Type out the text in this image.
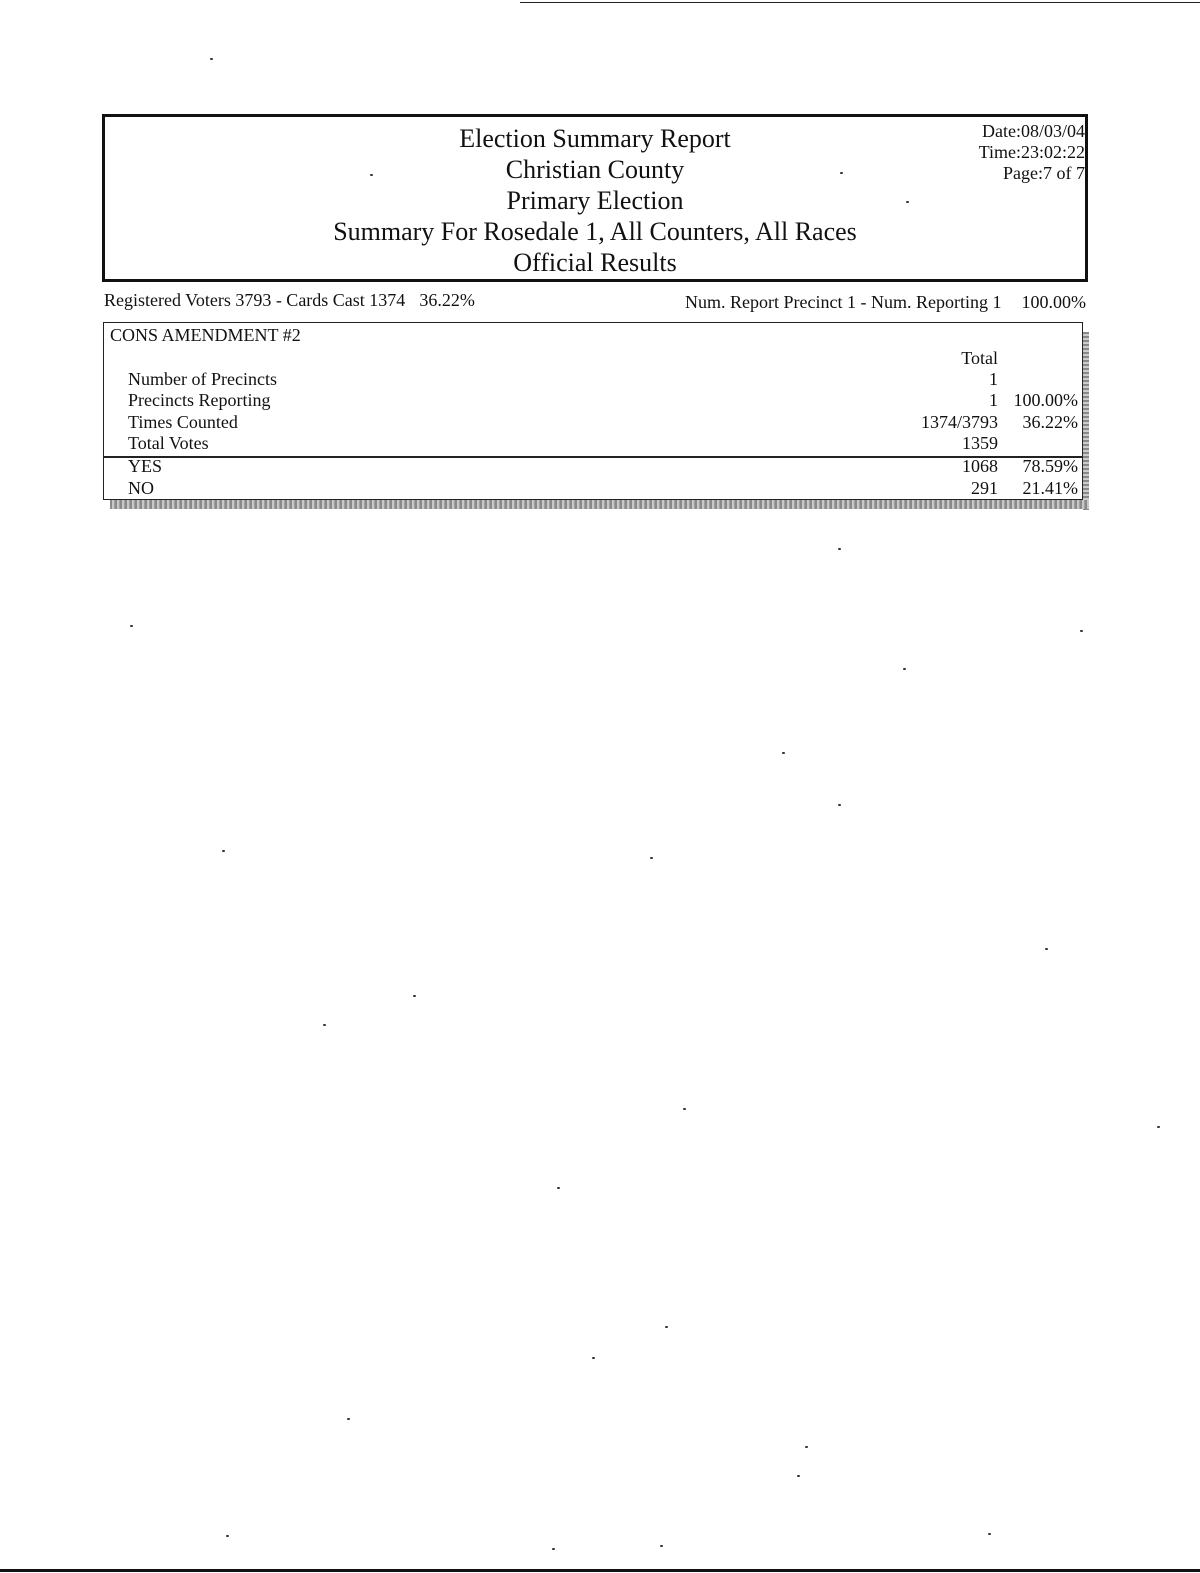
Election Summary Report
Christian County
Primary Election
Summary For Rosedale 1, All Counters, All Races
Official Results
Date:08/03/04
Time:23:02:22
Page:7 of 7
Registered Voters 3793 - Cards Cast 1374 36.22%	Num. Report Precinct 1 - Num. Reporting 1 100.00%
CONS AMENDMENT #2
Total
Number of Precincts	1
Precincts Reporting	1 100.00%
Times Counted	1374/3793 36.22%
Total Votes	1359
YES	1068 78.59%
NO	291 21.41%
